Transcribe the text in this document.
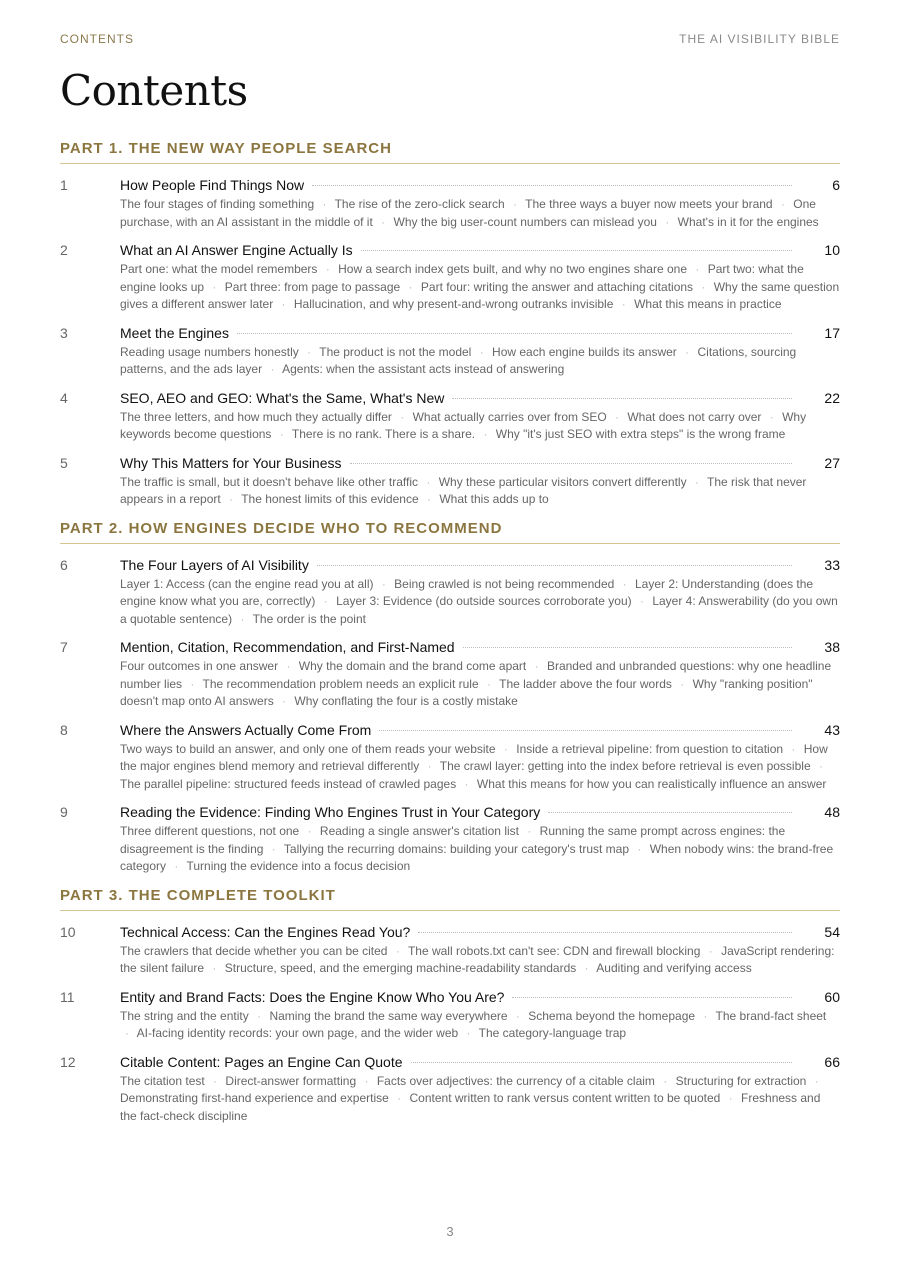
CONTENTS	THE AI VISIBILITY BIBLE
Contents
PART 1. THE NEW WAY PEOPLE SEARCH
1	How People Find Things Now	6
The four stages of finding something · The rise of the zero-click search · The three ways a buyer now meets your brand · One purchase, with an AI assistant in the middle of it · Why the big user-count numbers can mislead you · What's in it for the engines
2	What an AI Answer Engine Actually Is	10
Part one: what the model remembers · How a search index gets built, and why no two engines share one · Part two: what the engine looks up · Part three: from page to passage · Part four: writing the answer and attaching citations · Why the same question gives a different answer later · Hallucination, and why present-and-wrong outranks invisible · What this means in practice
3	Meet the Engines	17
Reading usage numbers honestly · The product is not the model · How each engine builds its answer · Citations, sourcing patterns, and the ads layer · Agents: when the assistant acts instead of answering
4	SEO, AEO and GEO: What's the Same, What's New	22
The three letters, and how much they actually differ · What actually carries over from SEO · What does not carry over · Why keywords become questions · There is no rank. There is a share. · Why "it's just SEO with extra steps" is the wrong frame
5	Why This Matters for Your Business	27
The traffic is small, but it doesn't behave like other traffic · Why these particular visitors convert differently · The risk that never appears in a report · The honest limits of this evidence · What this adds up to
PART 2. HOW ENGINES DECIDE WHO TO RECOMMEND
6	The Four Layers of AI Visibility	33
Layer 1: Access (can the engine read you at all) · Being crawled is not being recommended · Layer 2: Understanding (does the engine know what you are, correctly) · Layer 3: Evidence (do outside sources corroborate you) · Layer 4: Answerability (do you own a quotable sentence) · The order is the point
7	Mention, Citation, Recommendation, and First-Named	38
Four outcomes in one answer · Why the domain and the brand come apart · Branded and unbranded questions: why one headline number lies · The recommendation problem needs an explicit rule · The ladder above the four words · Why "ranking position" doesn't map onto AI answers · Why conflating the four is a costly mistake
8	Where the Answers Actually Come From	43
Two ways to build an answer, and only one of them reads your website · Inside a retrieval pipeline: from question to citation · How the major engines blend memory and retrieval differently · The crawl layer: getting into the index before retrieval is even possible · The parallel pipeline: structured feeds instead of crawled pages · What this means for how you can realistically influence an answer
9	Reading the Evidence: Finding Who Engines Trust in Your Category	48
Three different questions, not one · Reading a single answer's citation list · Running the same prompt across engines: the disagreement is the finding · Tallying the recurring domains: building your category's trust map · When nobody wins: the brand-free category · Turning the evidence into a focus decision
PART 3. THE COMPLETE TOOLKIT
10	Technical Access: Can the Engines Read You?	54
The crawlers that decide whether you can be cited · The wall robots.txt can't see: CDN and firewall blocking · JavaScript rendering: the silent failure · Structure, speed, and the emerging machine-readability standards · Auditing and verifying access
11	Entity and Brand Facts: Does the Engine Know Who You Are?	60
The string and the entity · Naming the brand the same way everywhere · Schema beyond the homepage · The brand-fact sheet · AI-facing identity records: your own page, and the wider web · The category-language trap
12	Citable Content: Pages an Engine Can Quote	66
The citation test · Direct-answer formatting · Facts over adjectives: the currency of a citable claim · Structuring for extraction · Demonstrating first-hand experience and expertise · Content written to rank versus content written to be quoted · Freshness and the fact-check discipline
3
